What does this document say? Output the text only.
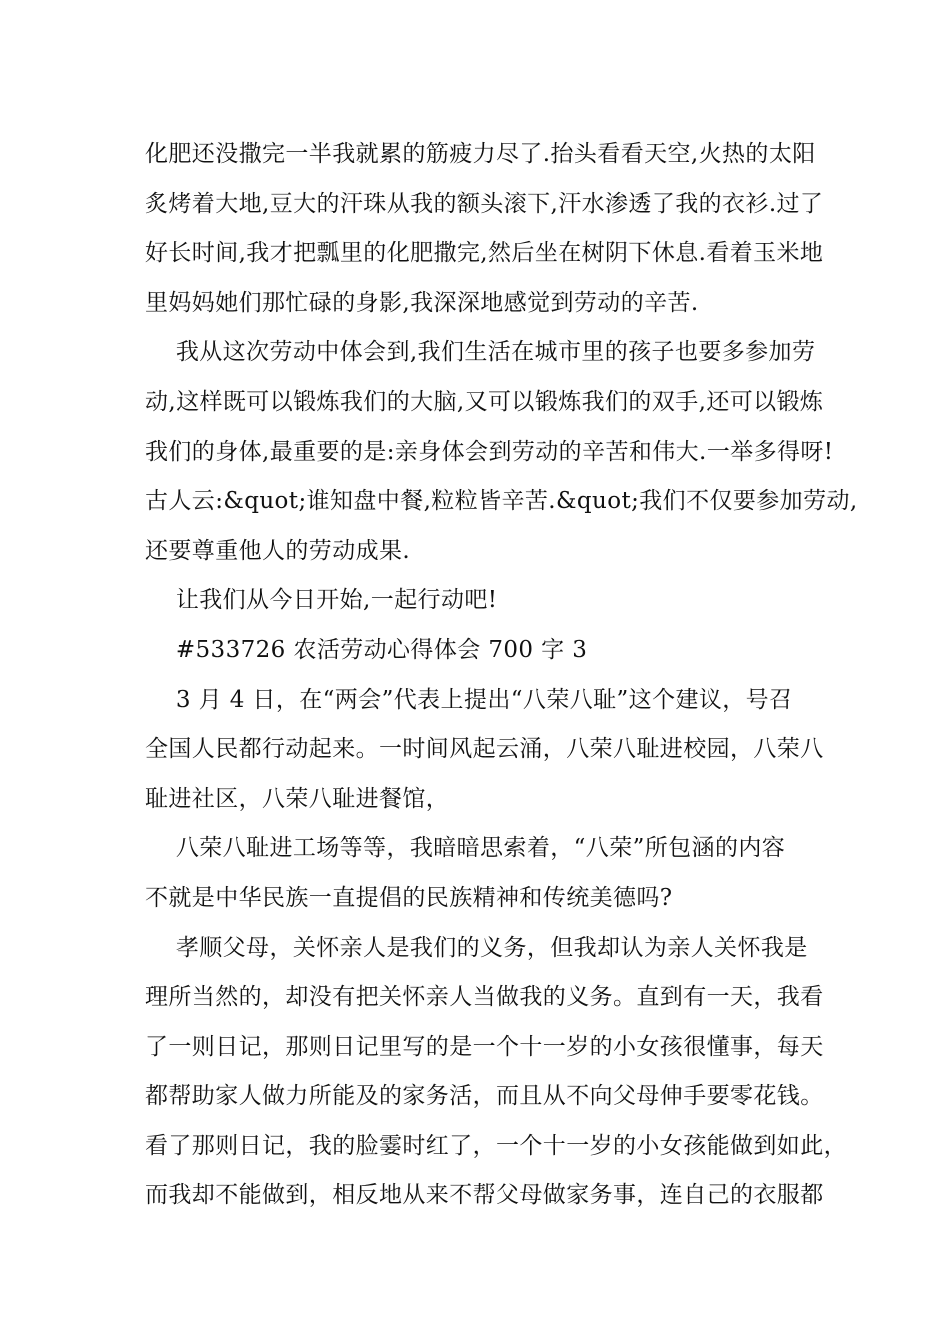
化肥还没撒完一半我就累的筋疲力尽了.抬头看看天空,火热的太阳
炙烤着大地,豆大的汗珠从我的额头滚下,汗水渗透了我的衣衫.过了
好长时间,我才把瓢里的化肥撒完,然后坐在树阴下休息.看着玉米地
里妈妈她们那忙碌的身影,我深深地感觉到劳动的辛苦.
我从这次劳动中体会到,我们生活在城市里的孩子也要多参加劳
动,这样既可以锻炼我们的大脑,又可以锻炼我们的双手,还可以锻炼
我们的身体,最重要的是:亲身体会到劳动的辛苦和伟大.一举多得呀!
古人云:&quot;谁知盘中餐,粒粒皆辛苦.&quot;我们不仅要参加劳动,
还要尊重他人的劳动成果.
让我们从今日开始,一起行动吧!
#533726 农活劳动心得体会 700 字 3
3 月 4 日，在“两会”代表上提出“八荣八耻”这个建议，号召
全国人民都行动起来。一时间风起云涌，八荣八耻进校园，八荣八
耻进社区，八荣八耻进餐馆，
八荣八耻进工场等等，我暗暗思索着，“八荣”所包涵的内容
不就是中华民族一直提倡的民族精神和传统美德吗?
孝顺父母，关怀亲人是我们的义务，但我却认为亲人关怀我是
理所当然的，却没有把关怀亲人当做我的义务。直到有一天，我看
了一则日记，那则日记里写的是一个十一岁的小女孩很懂事，每天
都帮助家人做力所能及的家务活，而且从不向父母伸手要零花钱。
看了那则日记，我的脸霎时红了，一个十一岁的小女孩能做到如此，
而我却不能做到，相反地从来不帮父母做家务事，连自己的衣服都
